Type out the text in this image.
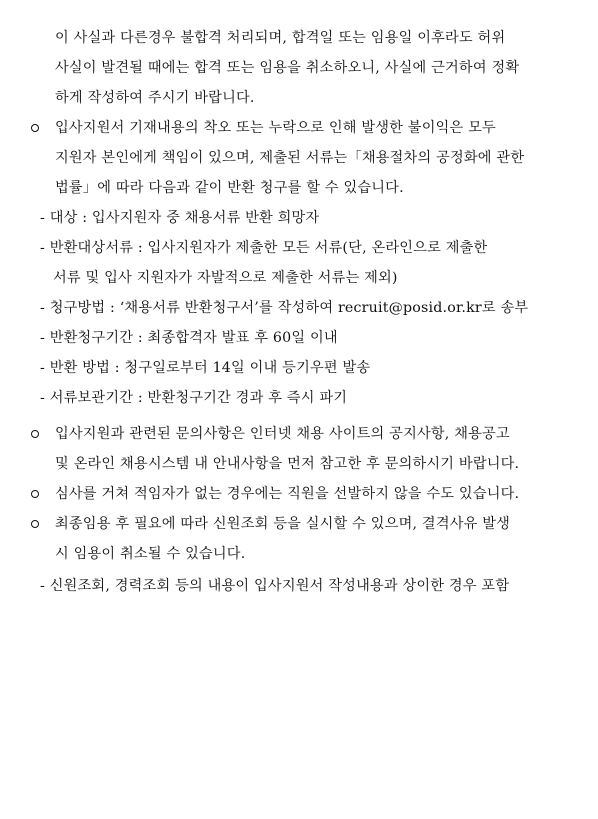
이 사실과 다른경우 불합격 처리되며, 합격일 또는 임용일 이후라도 허위
사실이 발견될 때에는 합격 또는 임용을 취소하오니, 사실에 근거하여 정확
하게 작성하여 주시기 바랍니다.
입사지원서 기재내용의 착오 또는 누락으로 인해 발생한 불이익은 모두
지원자 본인에게 책임이 있으며, 제출된 서류는「채용절차의 공정화에 관한
법률」에 따라 다음과 같이 반환 청구를 할 수 있습니다.
- 대상 : 입사지원자 중 채용서류 반환 희망자
- 반환대상서류 : 입사지원자가 제출한 모든 서류(단, 온라인으로 제출한
서류 및 입사 지원자가 자발적으로 제출한 서류는 제외)
- 청구방법 : ‘채용서류 반환청구서’를 작성하여 recruit@posid.or.kr로 송부
- 반환청구기간 : 최종합격자 발표 후 60일 이내
- 반환 방법 : 청구일로부터 14일 이내 등기우편 발송
- 서류보관기간 : 반환청구기간 경과 후 즉시 파기
입사지원과 관련된 문의사항은 인터넷 채용 사이트의 공지사항, 채용공고
및 온라인 채용시스템 내 안내사항을 먼저 참고한 후 문의하시기 바랍니다.
심사를 거쳐 적임자가 없는 경우에는 직원을 선발하지 않을 수도 있습니다.
최종임용 후 필요에 따라 신원조회 등을 실시할 수 있으며, 결격사유 발생
시 임용이 취소될 수 있습니다.
- 신원조회, 경력조회 등의 내용이 입사지원서 작성내용과 상이한 경우 포함
